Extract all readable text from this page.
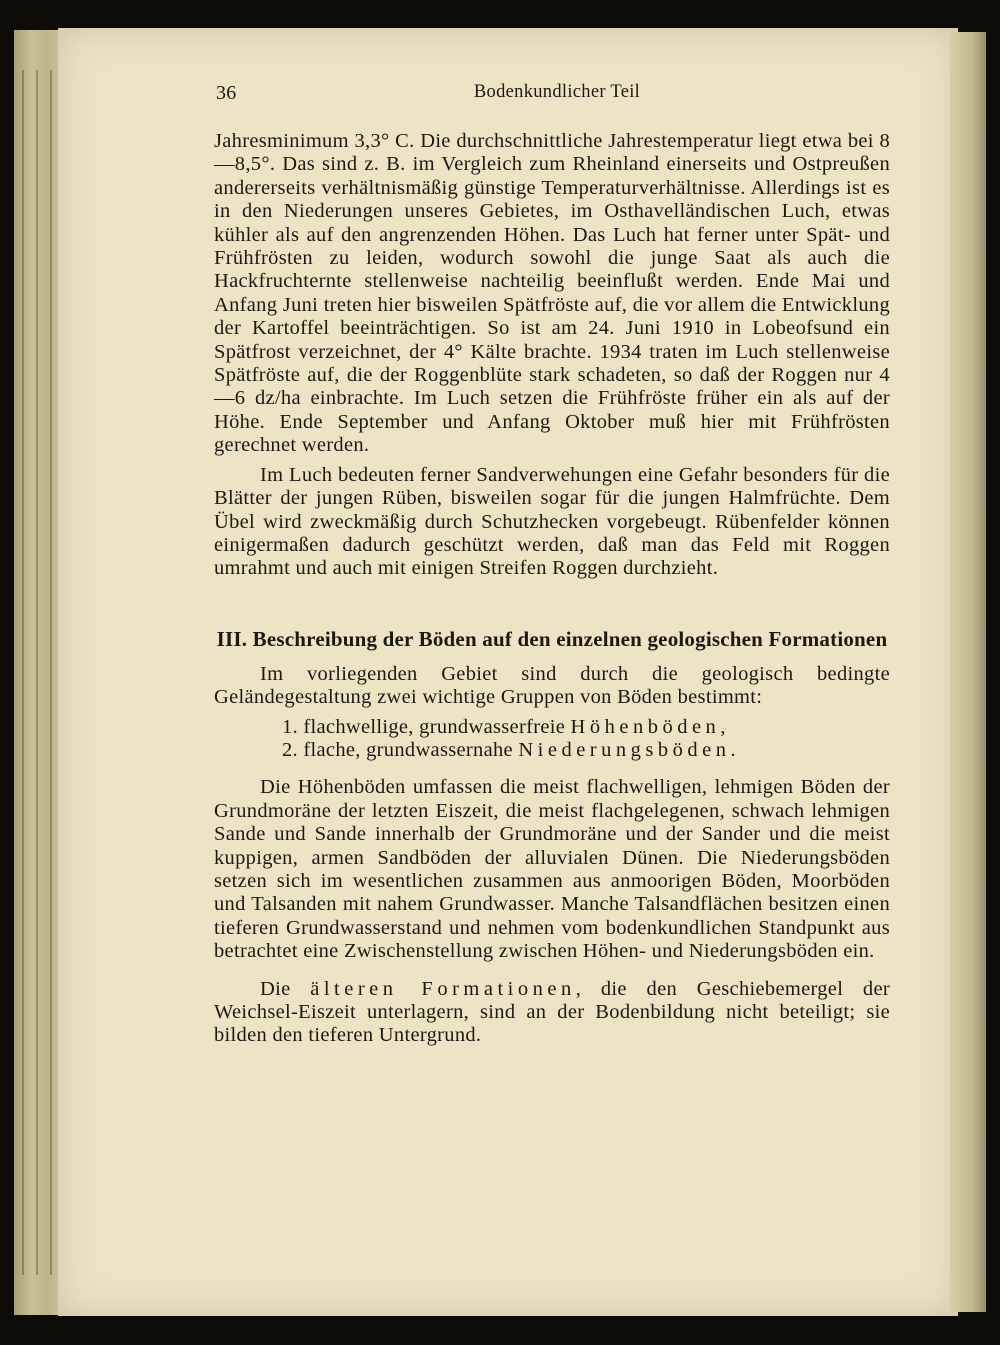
36	Bodenkundlicher Teil

Jahresminimum 3,3° C. Die durchschnittliche Jahrestemperatur liegt etwa bei 8—8,5°. Das sind z. B. im Vergleich zum Rheinland einerseits und Ostpreußen andererseits verhältnismäßig günstige Temperaturverhältnisse. Allerdings ist es in den Niederungen unseres Gebietes, im Osthavelländischen Luch, etwas kühler als auf den angrenzenden Höhen. Das Luch hat ferner unter Spät- und Frühfrösten zu leiden, wodurch sowohl die junge Saat als auch die Hackfruchternte stellenweise nachteilig beeinflußt werden. Ende Mai und Anfang Juni treten hier bisweilen Spätfröste auf, die vor allem die Entwicklung der Kartoffel beeinträchtigen. So ist am 24. Juni 1910 in Lobeofsund ein Spätfrost verzeichnet, der 4° Kälte brachte. 1934 traten im Luch stellenweise Spätfröste auf, die der Roggenblüte stark schadeten, so daß der Roggen nur 4—6 dz/ha einbrachte. Im Luch setzen die Frühfröste früher ein als auf der Höhe. Ende September und Anfang Oktober muß hier mit Frühfrösten gerechnet werden.

Im Luch bedeuten ferner Sandverwehungen eine Gefahr besonders für die Blätter der jungen Rüben, bisweilen sogar für die jungen Halmfrüchte. Dem Übel wird zweckmäßig durch Schutzhecken vorgebeugt. Rübenfelder können einigermaßen dadurch geschützt werden, daß man das Feld mit Roggen umrahmt und auch mit einigen Streifen Roggen durchzieht.

III. Beschreibung der Böden auf den einzelnen geologischen Formationen

Im vorliegenden Gebiet sind durch die geologisch bedingte Geländegestaltung zwei wichtige Gruppen von Böden bestimmt:

1. flachwellige, grundwasserfreie Höhenböden,
2. flache, grundwassernahe Niederungsböden.

Die Höhenböden umfassen die meist flachwelligen, lehmigen Böden der Grundmoräne der letzten Eiszeit, die meist flachgelegenen, schwach lehmigen Sande und Sande innerhalb der Grundmoräne und der Sander und die meist kuppigen, armen Sandböden der alluvialen Dünen. Die Niederungsböden setzen sich im wesentlichen zusammen aus anmoorigen Böden, Moorböden und Talsanden mit nahem Grundwasser. Manche Talsandflächen besitzen einen tieferen Grundwasserstand und nehmen vom bodenkundlichen Standpunkt aus betrachtet eine Zwischenstellung zwischen Höhen- und Niederungsböden ein.

Die älteren Formationen, die den Geschiebemergel der Weichsel-Eiszeit unterlagern, sind an der Bodenbildung nicht beteiligt; sie bilden den tieferen Untergrund.
